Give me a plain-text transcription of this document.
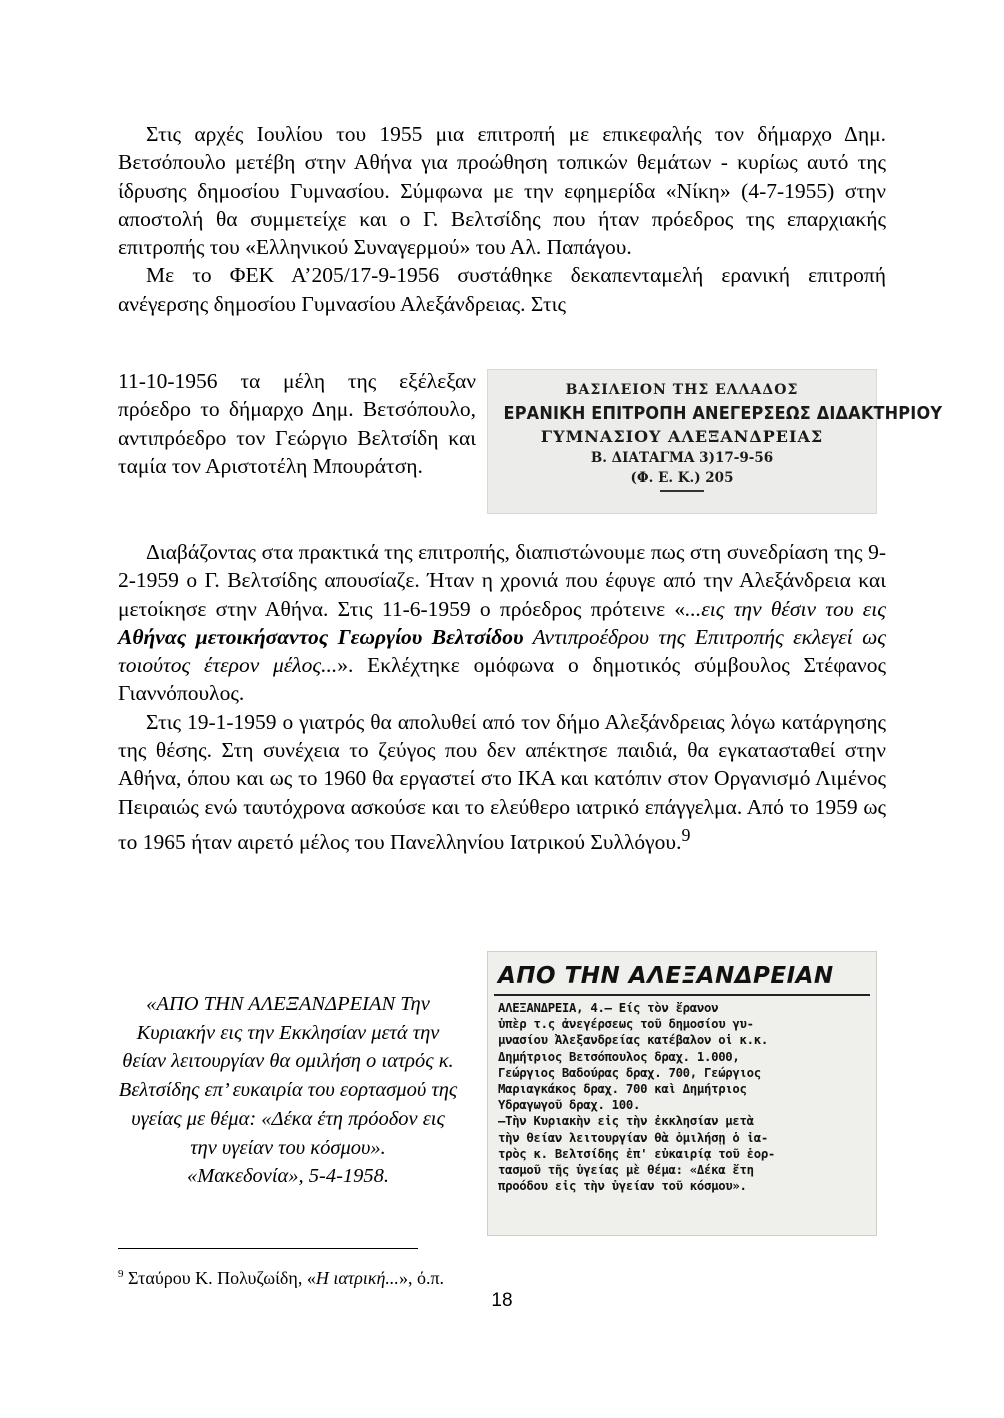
Στις αρχές Ιουλίου του 1955 μια επιτροπή με επικεφαλής τον δήμαρχο Δημ. Βετσόπουλο μετέβη στην Αθήνα για προώθηση τοπικών θεμάτων - κυρίως αυτό της ίδρυσης δημοσίου Γυμνασίου. Σύμφωνα με την εφημερίδα «Νίκη» (4-7-1955) στην αποστολή θα συμμετείχε και ο Γ. Βελτσίδης που ήταν πρόεδρος της επαρχιακής επιτροπής του «Ελληνικού Συναγερμού» του Αλ. Παπάγου.

Με το ΦΕΚ Α’205/17-9-1956 συστάθηκε δεκαπενταμελή ερανική επιτροπή ανέγερσης δημοσίου Γυμνασίου Αλεξάνδρειας. Στις

11-10-1956 τα μέλη της εξέλεξαν πρόεδρο το δήμαρχο Δημ. Βετσόπουλο, αντιπρόεδρο τον Γεώργιο Βελτσίδη και ταμία τον Αριστοτέλη Μπουράτση.

ΒΑΣΙΛΕΙΟΝ ΤΗΣ ΕΛΛΑΔΟΣ
ΕΡΑΝΙΚΗ ΕΠΙΤΡΟΠΗ ΑΝΕΓΕΡΣΕΩΣ ΔΙΔΑΚΤΗΡΙΟΥ
ΓΥΜΝΑΣΙΟΥ ΑΛΕΞΑΝΔΡΕΙΑΣ
Β. ΔΙΑΤΑΓΜΑ 3)17-9-56
(Φ. Ε. Κ.) 205

Διαβάζοντας στα πρακτικά της επιτροπής, διαπιστώνουμε πως στη συνεδρίαση της 9-2-1959 ο Γ. Βελτσίδης απουσίαζε. Ήταν η χρονιά που έφυγε από την Αλεξάνδρεια και μετοίκησε στην Αθήνα. Στις 11-6-1959 ο πρόεδρος πρότεινε «...εις την θέσιν του εις Αθήνας μετοικήσαντος Γεωργίου Βελτσίδου Αντιπροέδρου της Επιτροπής εκλεγεί ως τοιούτος έτερον μέλος...». Εκλέχτηκε ομόφωνα ο δημοτικός σύμβουλος Στέφανος Γιαννόπουλος.

Στις 19-1-1959 ο γιατρός θα απολυθεί από τον δήμο Αλεξάνδρειας λόγω κατάργησης της θέσης. Στη συνέχεια το ζεύγος που δεν απέκτησε παιδιά, θα εγκατασταθεί στην Αθήνα, όπου και ως το 1960 θα εργαστεί στο ΙΚΑ και κατόπιν στον Οργανισμό Λιμένος Πειραιώς ενώ ταυτόχρονα ασκούσε και το ελεύθερο ιατρικό επάγγελμα. Από το 1959 ως το 1965 ήταν αιρετό μέλος του Πανελληνίου Ιατρικού Συλλόγου.$^9$

«ΑΠΟ ΤΗΝ ΑΛΕΞΑΝΔΡΕΙΑΝ Την Κυριακήν εις την Εκκλησίαν μετά την θείαν λειτουργίαν θα ομιλήση ο ιατρός κ. Βελτσίδης επ’ ευκαιρία του εορτασμού της υγείας με θέμα: «Δέκα έτη πρόοδον εις την υγείαν του κόσμου».
«Μακεδονία», 5-4-1958.
ΑΠΟ ΤΗΝ ΑΛΕΞΑΝΔΡΕΙΑΝ
ΑΛΕΞΑΝΔΡΕΙΑ, 4.— Είς τὸν ἔρανον
ὑπὲρ τ.ς ἀνεγέρσεως τοῦ δημοσίου γυ-
μνασίου Ἀλεξανδρείας κατέβαλον οἱ κ.κ.
Δημήτριος Βετσόπουλος δραχ. 1.000,
Γεώργιος Βαδούρας δραχ. 700, Γεώργιος
Μαριαγκάκος δραχ. 700 καὶ Δημήτριος
Ὑδραγωγοῦ δραχ. 100.
—Τὴν Κυριακὴν εἰς τὴν ἐκκλησίαν μετὰ
τὴν θείαν λειτουργίαν θὰ ὁμιλήσῃ ὁ ἰα-
τρὸς κ. Βελτσίδης ἐπ' εὐκαιρίᾳ τοῦ ἑορ-
τασμοῦ τῆς ὑγείας μὲ θέμα: «Δέκα ἔτη
προόδου εἰς τὴν ὑγείαν τοῦ κόσμου».
$^9$ Σταύρου Κ. Πολυζωίδη, «Η ιατρική...», ό.π.
18
